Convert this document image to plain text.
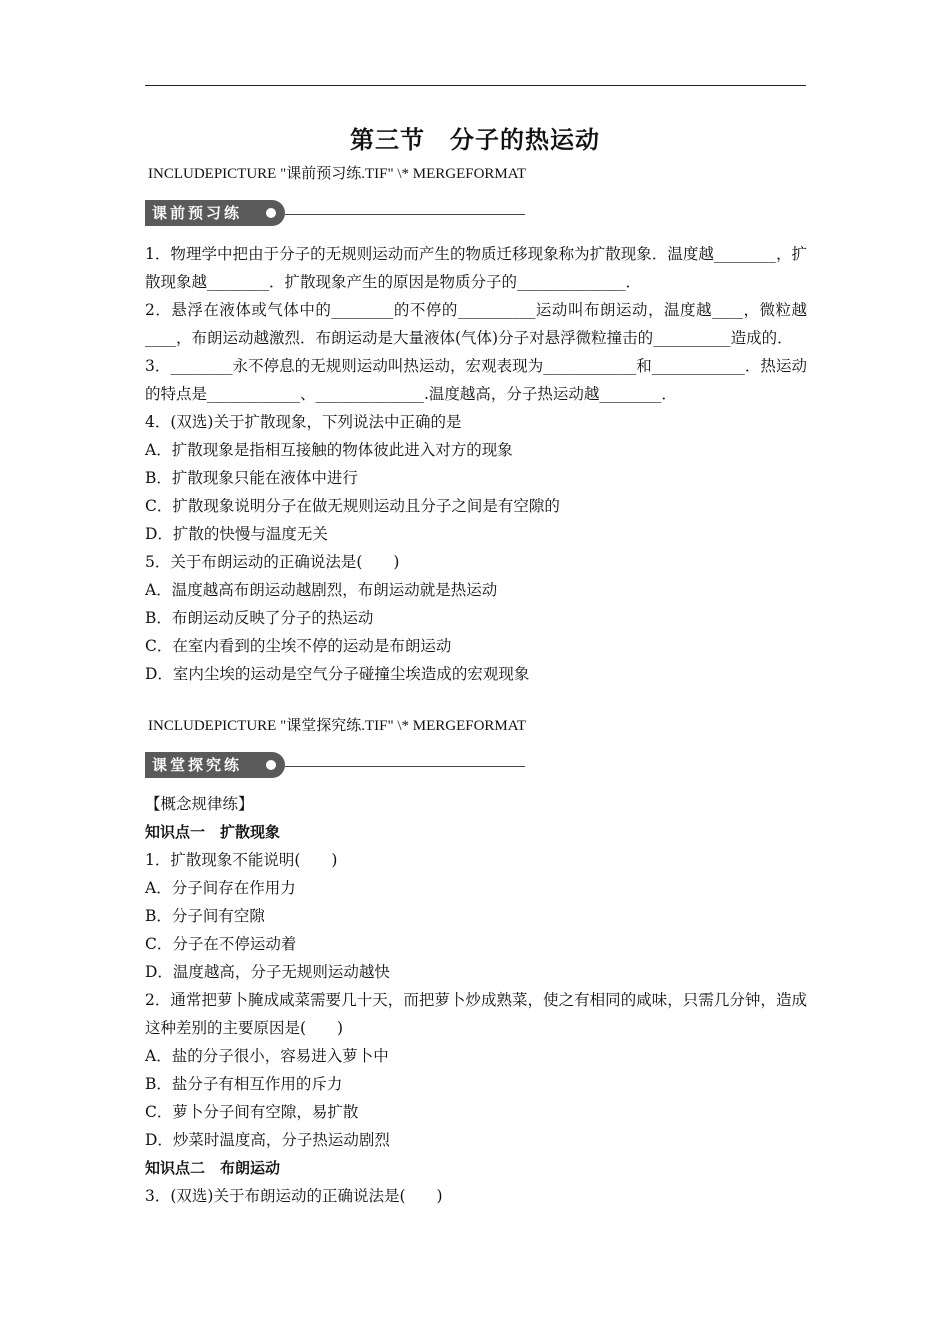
第三节　分子的热运动
INCLUDEPICTURE "课前预习练.TIF" \* MERGEFORMAT
课前预习练

1．物理学中把由于分子的无规则运动而产生的物质迁移现象称为扩散现象．温度越________，扩散现象越________．扩散现象产生的原因是物质分子的______________．

2．悬浮在液体或气体中的________的不停的__________运动叫布朗运动，温度越____，微粒越____，布朗运动越激烈．布朗运动是大量液体(气体)分子对悬浮微粒撞击的__________造成的．

3．________永不停息的无规则运动叫热运动，宏观表现为____________和____________．热运动的特点是____________、______________.温度越高，分子热运动越________．

4．(双选)关于扩散现象，下列说法中正确的是

A．扩散现象是指相互接触的物体彼此进入对方的现象

B．扩散现象只能在液体中进行

C．扩散现象说明分子在做无规则运动且分子之间是有空隙的

D．扩散的快慢与温度无关

5．关于布朗运动的正确说法是(　　)

A．温度越高布朗运动越剧烈，布朗运动就是热运动

B．布朗运动反映了分子的热运动

C．在室内看到的尘埃不停的运动是布朗运动

D．室内尘埃的运动是空气分子碰撞尘埃造成的宏观现象

INCLUDEPICTURE "课堂探究练.TIF" \* MERGEFORMAT
课堂探究练

【概念规律练】

知识点一　扩散现象

1．扩散现象不能说明(　　)

A．分子间存在作用力

B．分子间有空隙

C．分子在不停运动着

D．温度越高，分子无规则运动越快

2．通常把萝卜腌成咸菜需要几十天，而把萝卜炒成熟菜，使之有相同的咸味，只需几分钟，造成这种差别的主要原因是(　　)

A．盐的分子很小，容易进入萝卜中

B．盐分子有相互作用的斥力

C．萝卜分子间有空隙，易扩散

D．炒菜时温度高，分子热运动剧烈

知识点二　布朗运动

3．(双选)关于布朗运动的正确说法是(　　)
